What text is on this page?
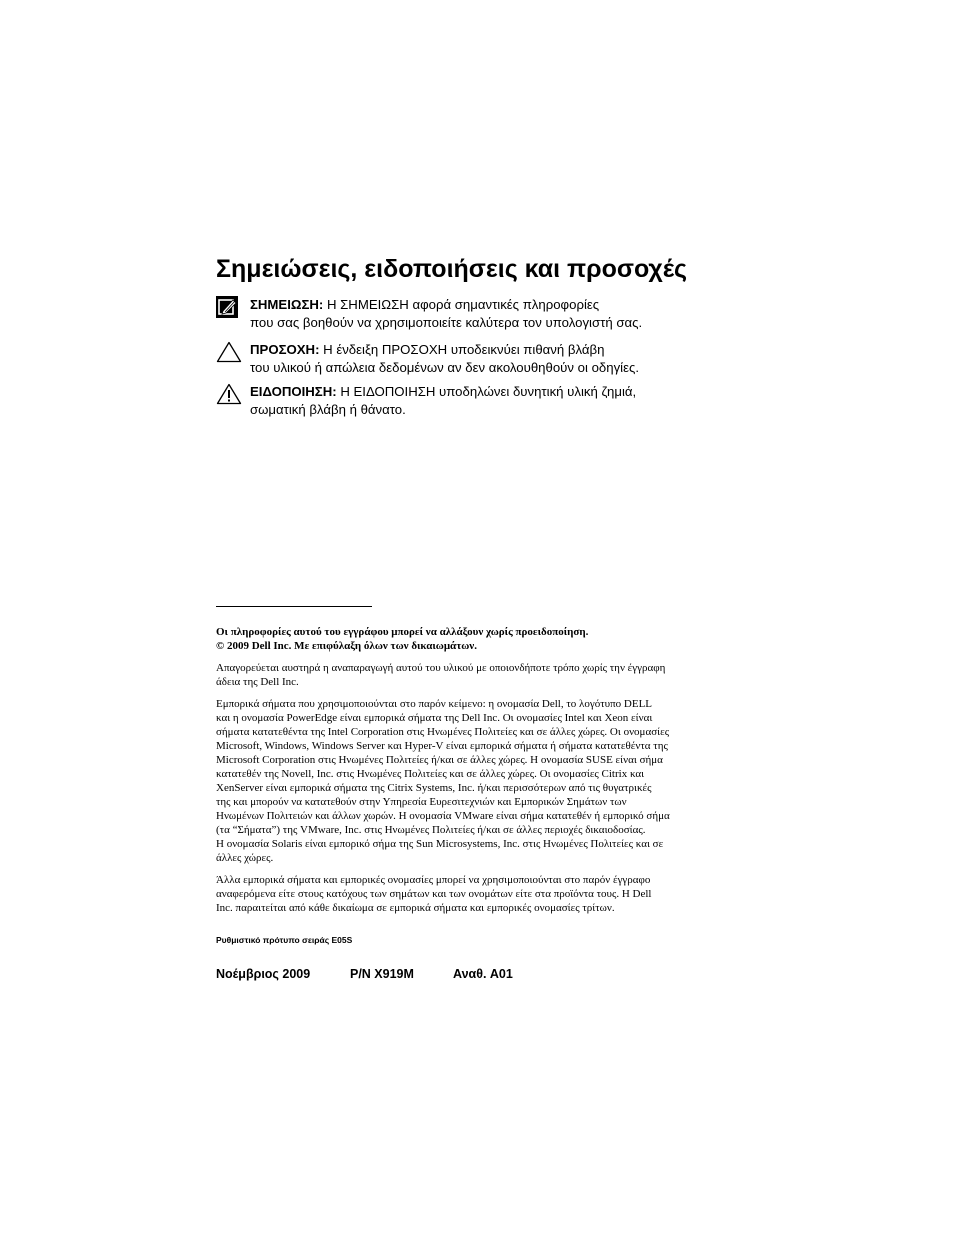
Σημειώσεις, ειδοποιήσεις και προσοχές
ΣΗΜΕΙΩΣΗ: Η ΣΗΜΕΙΩΣΗ αφορά σημαντικές πληροφορίες
που σας βοηθούν να χρησιμοποιείτε καλύτερα τον υπολογιστή σας.
ΠΡΟΣΟΧΗ: Η ένδειξη ΠΡΟΣΟΧΗ υποδεικνύει πιθανή βλάβη
του υλικού ή απώλεια δεδομένων αν δεν ακολουθηθούν οι οδηγίες.
ΕΙΔΟΠΟΙΗΣΗ: Η ΕΙΔΟΠΟΙΗΣΗ υποδηλώνει δυνητική υλική ζημιά,
σωματική βλάβη ή θάνατο.
Οι πληροφορίες αυτού του εγγράφου μπορεί να αλλάξουν χωρίς προειδοποίηση.
© 2009 Dell Inc. Με επιφύλαξη όλων των δικαιωμάτων.
Απαγορεύεται αυστηρά η αναπαραγωγή αυτού του υλικού με οποιονδήποτε τρόπο χωρίς την έγγραφη
άδεια της Dell Inc.
Εμπορικά σήματα που χρησιμοποιούνται στο παρόν κείμενο: η ονομασία Dell, το λογότυπο DELL
και η ονομασία PowerEdge είναι εμπορικά σήματα της Dell Inc. Οι ονομασίες Intel και Xeon είναι
σήματα κατατεθέντα της Intel Corporation στις Ηνωμένες Πολιτείες και σε άλλες χώρες. Οι ονομασίες
Microsoft, Windows, Windows Server και Hyper-V είναι εμπορικά σήματα ή σήματα κατατεθέντα της
Microsoft Corporation στις Ηνωμένες Πολιτείες ή/και σε άλλες χώρες. Η ονομασία SUSE είναι σήμα
κατατεθέν της Novell, Inc. στις Ηνωμένες Πολιτείες και σε άλλες χώρες. Οι ονομασίες Citrix και
XenServer είναι εμπορικά σήματα της Citrix Systems, Inc. ή/και περισσότερων από τις θυγατρικές
της και μπορούν να κατατεθούν στην Υπηρεσία Ευρεσιτεχνιών και Εμπορικών Σημάτων των
Ηνωμένων Πολιτειών και άλλων χωρών. Η ονομασία VMware είναι σήμα κατατεθέν ή εμπορικό σήμα
(τα “Σήματα”) της VMware, Inc. στις Ηνωμένες Πολιτείες ή/και σε άλλες περιοχές δικαιοδοσίας.
Η ονομασία Solaris είναι εμπορικό σήμα της Sun Microsystems, Inc. στις Ηνωμένες Πολιτείες και σε
άλλες χώρες.
Άλλα εμπορικά σήματα και εμπορικές ονομασίες μπορεί να χρησιμοποιούνται στο παρόν έγγραφο
αναφερόμενα είτε στους κατόχους των σημάτων και των ονομάτων είτε στα προϊόντα τους. Η Dell
Inc. παραιτείται από κάθε δικαίωμα σε εμπορικά σήματα και εμπορικές ονομασίες τρίτων.
Ρυθμιστικό πρότυπο σειράς E05S
Νοέμβριος 2009	P/N X919M	Αναθ. A01
